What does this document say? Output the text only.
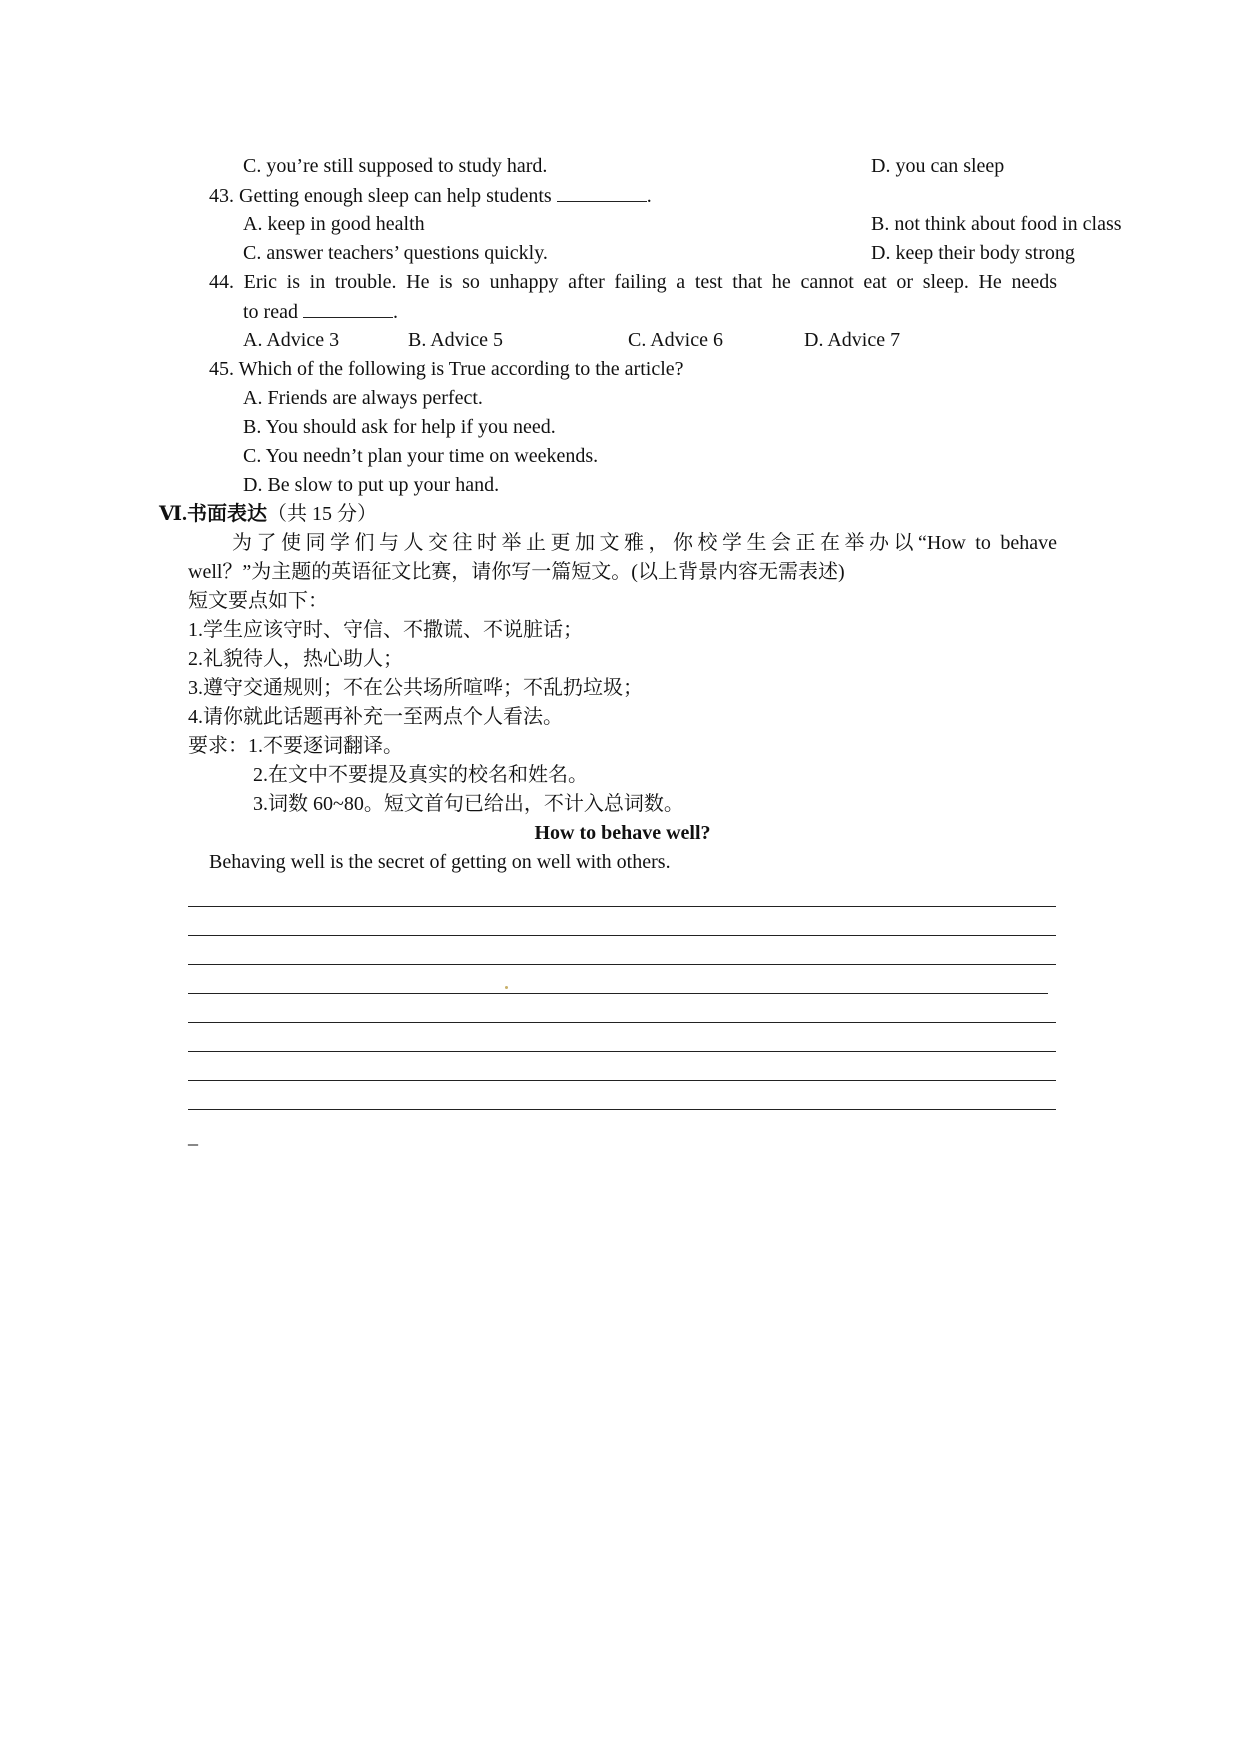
C. you’re still supposed to study hard.	D. you can sleep
43. Getting enough sleep can help students	.
A. keep in good health	B. not think about food in class
C. answer teachers’ questions quickly.	D. keep their body strong
44. Eric is in trouble. He is so unhappy after failing a test that he cannot eat or sleep. He needs
to read	.
A. Advice 3	B. Advice 5	C. Advice 6	D. Advice 7
45. Which of the following is True according to the article?
A. Friends are always perfect.
B. You should ask for help if you need.
C. You needn’t plan your time on weekends.
D. Be slow to put up your hand.
Ⅵ.书面表达（共 15 分）
为了使同学们与人交往时举止更加文雅，你校学生会正在举办以“How to behave
well？”为主题的英语征文比赛，请你写一篇短文。(以上背景内容无需表述)
短文要点如下：
1.学生应该守时、守信、不撒谎、不说脏话；
2.礼貌待人，热心助人；
3.遵守交通规则；不在公共场所喧哗；不乱扔垃圾；
4.请你就此话题再补充一至两点个人看法。
要求：1.不要逐词翻译。
2.在文中不要提及真实的校名和姓名。
3.词数 60~80。短文首句已给出，不计入总词数。
How to behave well?
Behaving well is the secret of getting on well with others.
_
